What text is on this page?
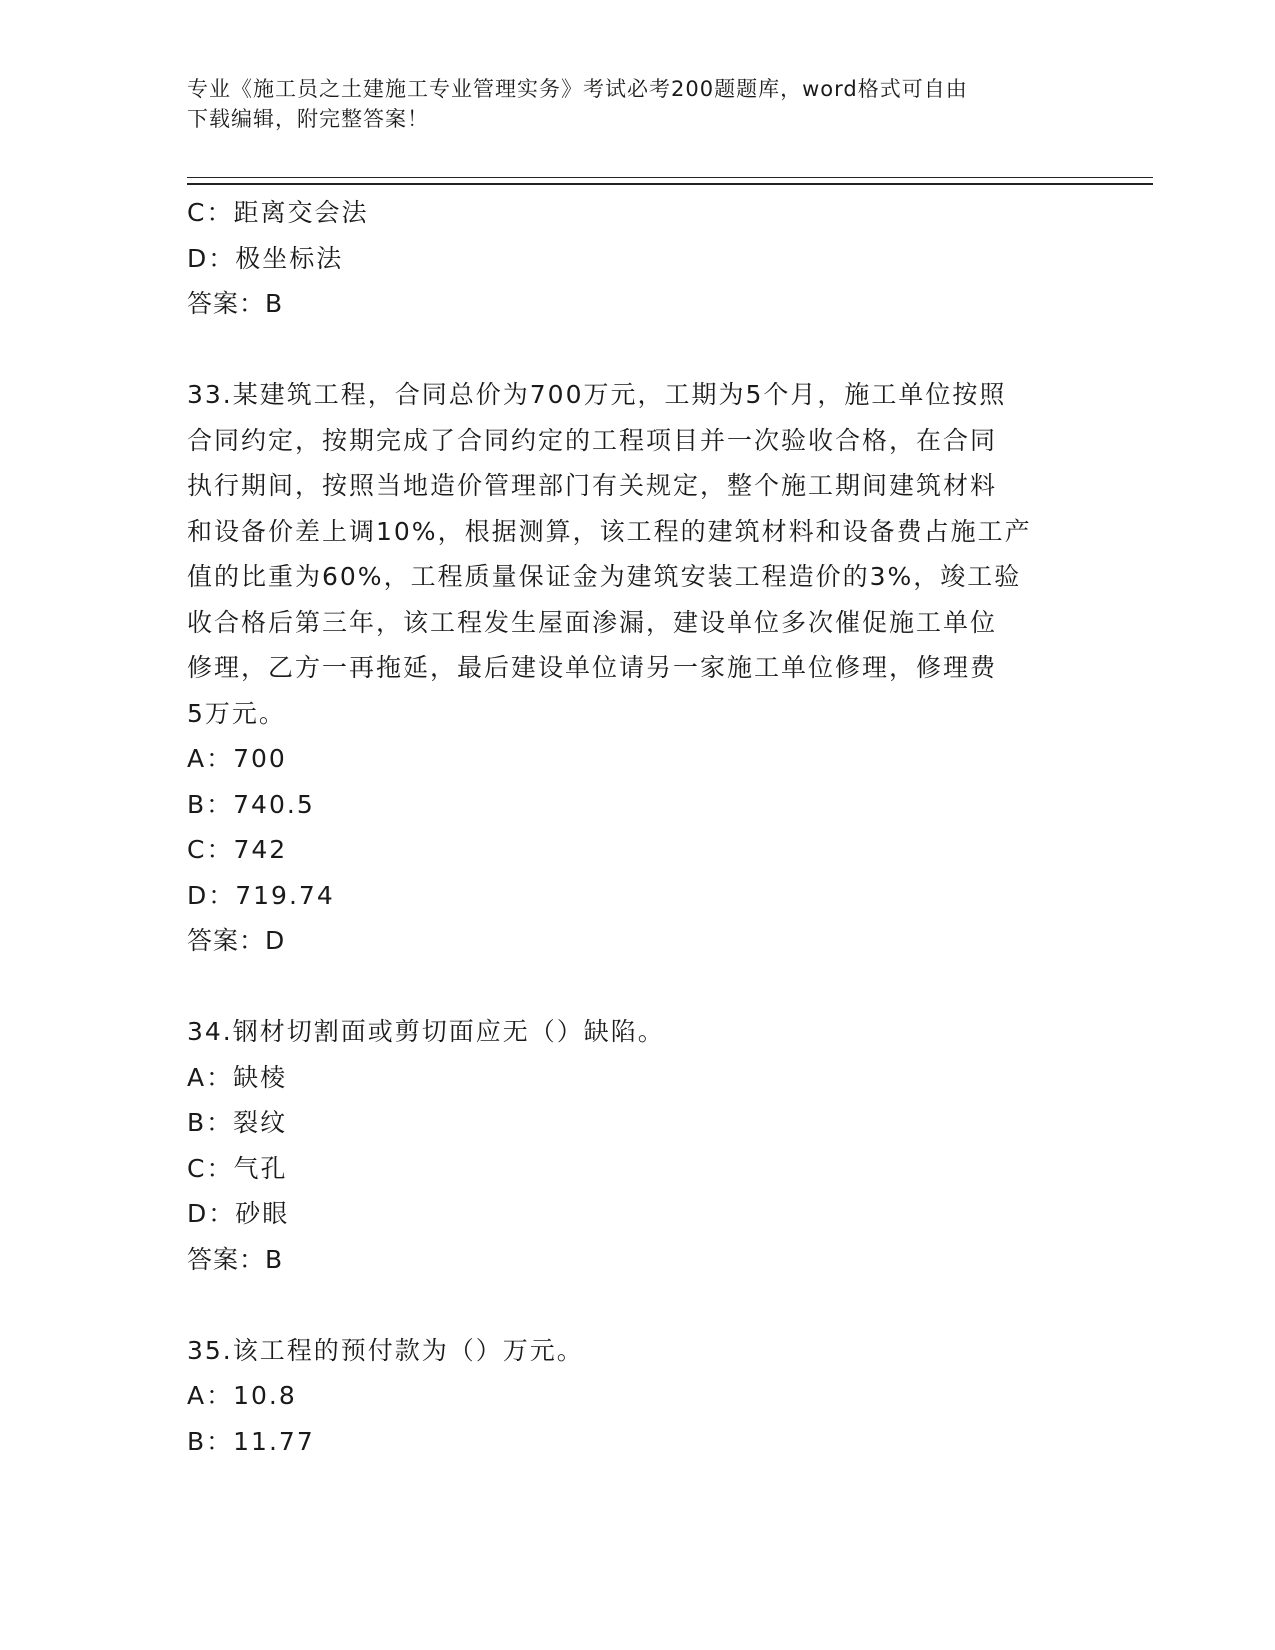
专业《施工员之土建施工专业管理实务》考试必考200题题库，word格式可自由
下载编辑，附完整答案！

C：距离交会法

D：极坐标法

答案：B

33.某建筑工程，合同总价为700万元，工期为5个月，施工单位按照

合同约定，按期完成了合同约定的工程项目并一次验收合格，在合同

执行期间，按照当地造价管理部门有关规定，整个施工期间建筑材料

和设备价差上调10%，根据测算，该工程的建筑材料和设备费占施工产

值的比重为60%，工程质量保证金为建筑安装工程造价的3%，竣工验

收合格后第三年，该工程发生屋面渗漏，建设单位多次催促施工单位

修理，乙方一再拖延，最后建设单位请另一家施工单位修理，修理费

5万元。

A：700

B：740.5

C：742

D：719.74

答案：D

34.钢材切割面或剪切面应无（）缺陷。

A：缺棱

B：裂纹

C：气孔

D：砂眼

答案：B

35.该工程的预付款为（）万元。

A：10.8

B：11.77
